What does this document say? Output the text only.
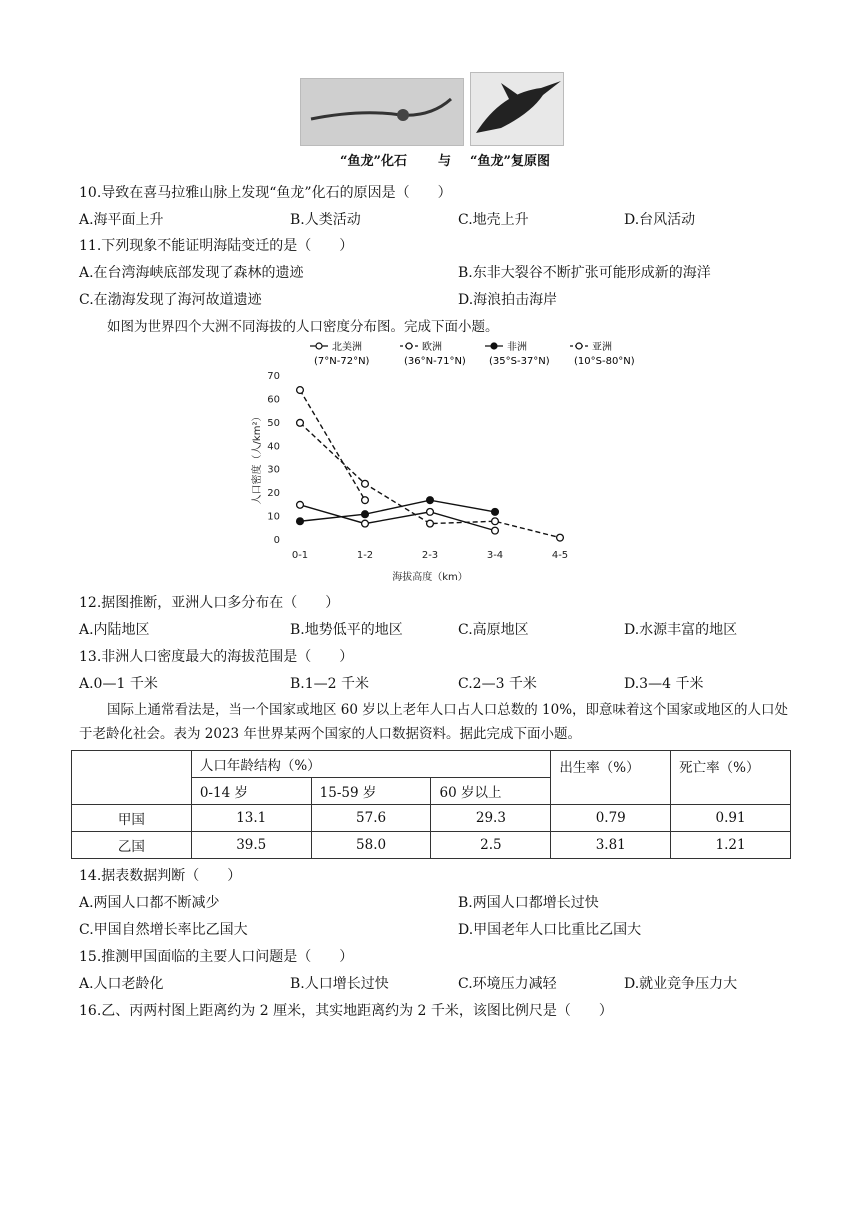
“鱼龙”化石 与 “鱼龙”复原图
10.导致在喜马拉雅山脉上发现“鱼龙”化石的原因是（　　）
A.海平面上升	B.人类活动	C.地壳上升	D.台风活动
11.下列现象不能证明海陆变迁的是（　　）
A.在台湾海峡底部发现了森林的遗迹	B.东非大裂谷不断扩张可能形成新的海洋
C.在渤海发现了海河故道遗迹	D.海浪拍击海岸
如图为世界四个大洲不同海拔的人口密度分布图。完成下面小题。
0
10
20
30
40
50
60
70
人口密度（人/km²）
0-1	1-2	2-3	3-4	4-5
海拔高度（km）
北美洲
(7°N-72°N)
欧洲
(36°N-71°N)
非洲
(35°S-37°N)
亚洲
(10°S-80°N)
12.据图推断，亚洲人口多分布在（　　）
A.内陆地区	B.地势低平的地区	C.高原地区	D.水源丰富的地区
13.非洲人口密度最大的海拔范围是（　　）
A.0—1 千米	B.1—2 千米	C.2—3 千米	D.3—4 千米
国际上通常看法是，当一个国家或地区 60 岁以上老年人口占人口总数的 10%，即意味着这个国家或地区的人口处于老龄化社会。表为 2023 年世界某两个国家的人口数据资料。据此完成下面小题。
	人口年龄结构（%）			出生率（%）	死亡率（%）
	0-14 岁	15-59 岁	60 岁以上		
甲国	13.1	57.6	29.3	0.79	0.91
乙国	39.5	58.0	2.5	3.81	1.21
14.据表数据判断（　　）
A.两国人口都不断减少	B.两国人口都增长过快
C.甲国自然增长率比乙国大	D.甲国老年人口比重比乙国大
15.推测甲国面临的主要人口问题是（　　）
A.人口老龄化	B.人口增长过快	C.环境压力减轻	D.就业竞争压力大
16.乙、丙两村图上距离约为 2 厘米，其实地距离约为 2 千米，该图比例尺是（　　）
